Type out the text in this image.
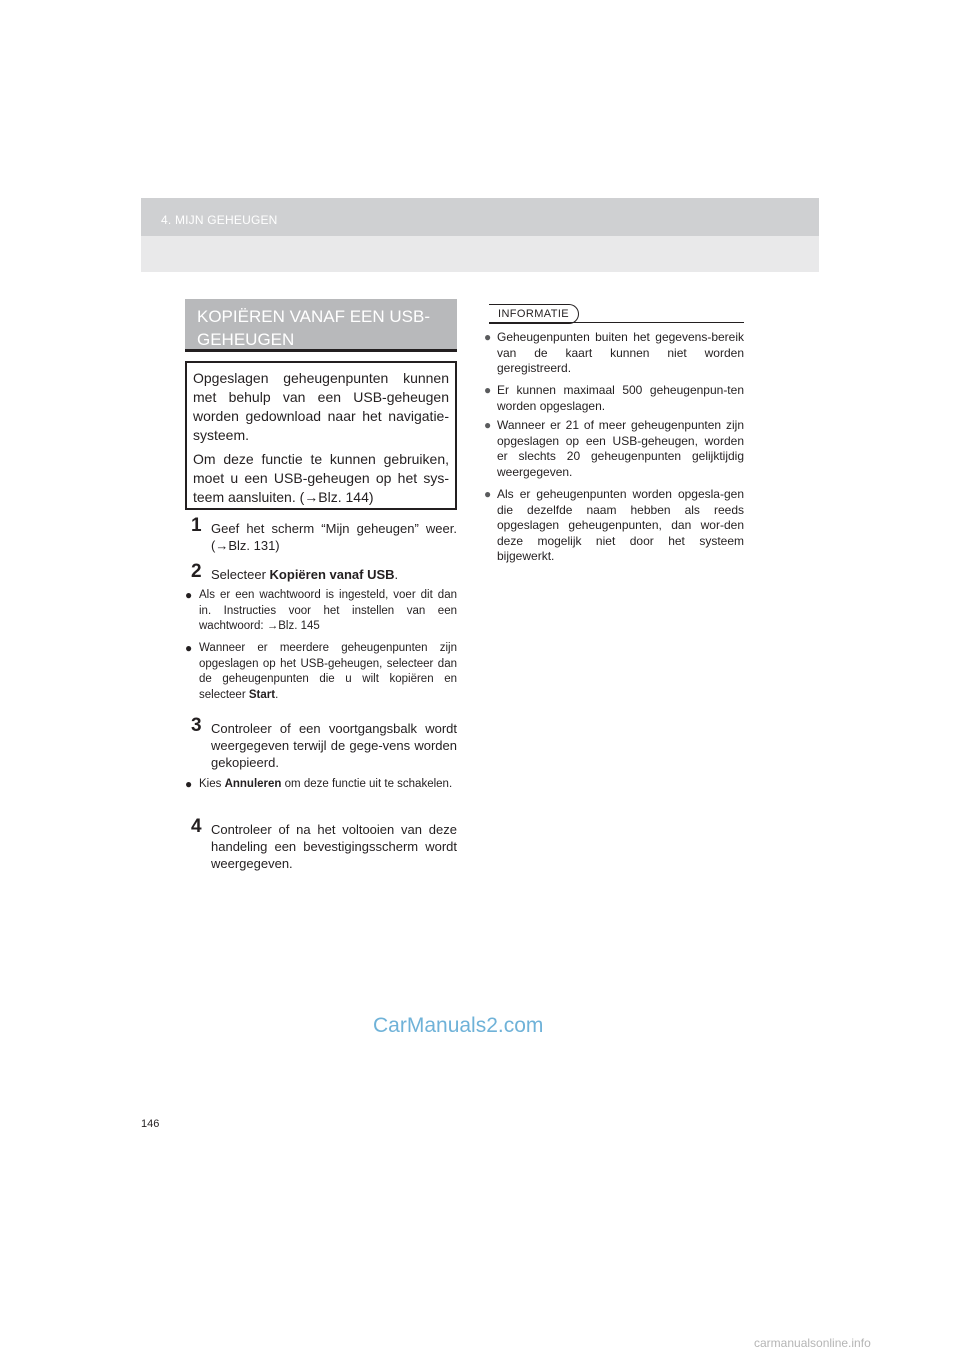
4. MIJN GEHEUGEN
KOPIËREN VANAF EEN USB-
GEHEUGEN

Opgeslagen geheugenpunten kunnen met behulp van een USB-geheugen worden gedownload naar het navigatie-systeem.

Om deze functie te kunnen gebruiken, moet u een USB-geheugen op het sys-teem aansluiten. (→Blz. 144)

1 Geef het scherm “Mijn geheugen” weer. (→Blz. 131)
2 Selecteer Kopiëren vanaf USB.
● Als er een wachtwoord is ingesteld, voer dit dan in. Instructies voor het instellen van een wachtwoord: →Blz. 145
● Wanneer er meerdere geheugenpunten zijn opgeslagen op het USB-geheugen, selecteer dan de geheugenpunten die u wilt kopiëren en selecteer Start.
3 Controleer of een voortgangsbalk wordt weergegeven terwijl de gege-vens worden gekopieerd.
● Kies Annuleren om deze functie uit te schakelen.
4 Controleer of na het voltooien van deze handeling een bevestigingsscherm wordt weergegeven.
INFORMATIE
● Geheugenpunten buiten het gegevens-bereik van de kaart kunnen niet worden geregistreerd.
● Er kunnen maximaal 500 geheugenpun-ten worden opgeslagen.
● Wanneer er 21 of meer geheugenpunten zijn opgeslagen op een USB-geheugen, worden er slechts 20 geheugenpunten gelijktijdig weergegeven.
● Als er geheugenpunten worden opgesla-gen die dezelfde naam hebben als reeds opgeslagen geheugenpunten, dan wor-den deze mogelijk niet door het systeem bijgewerkt.
CarManuals2.com
146
carmanualsonline.info
